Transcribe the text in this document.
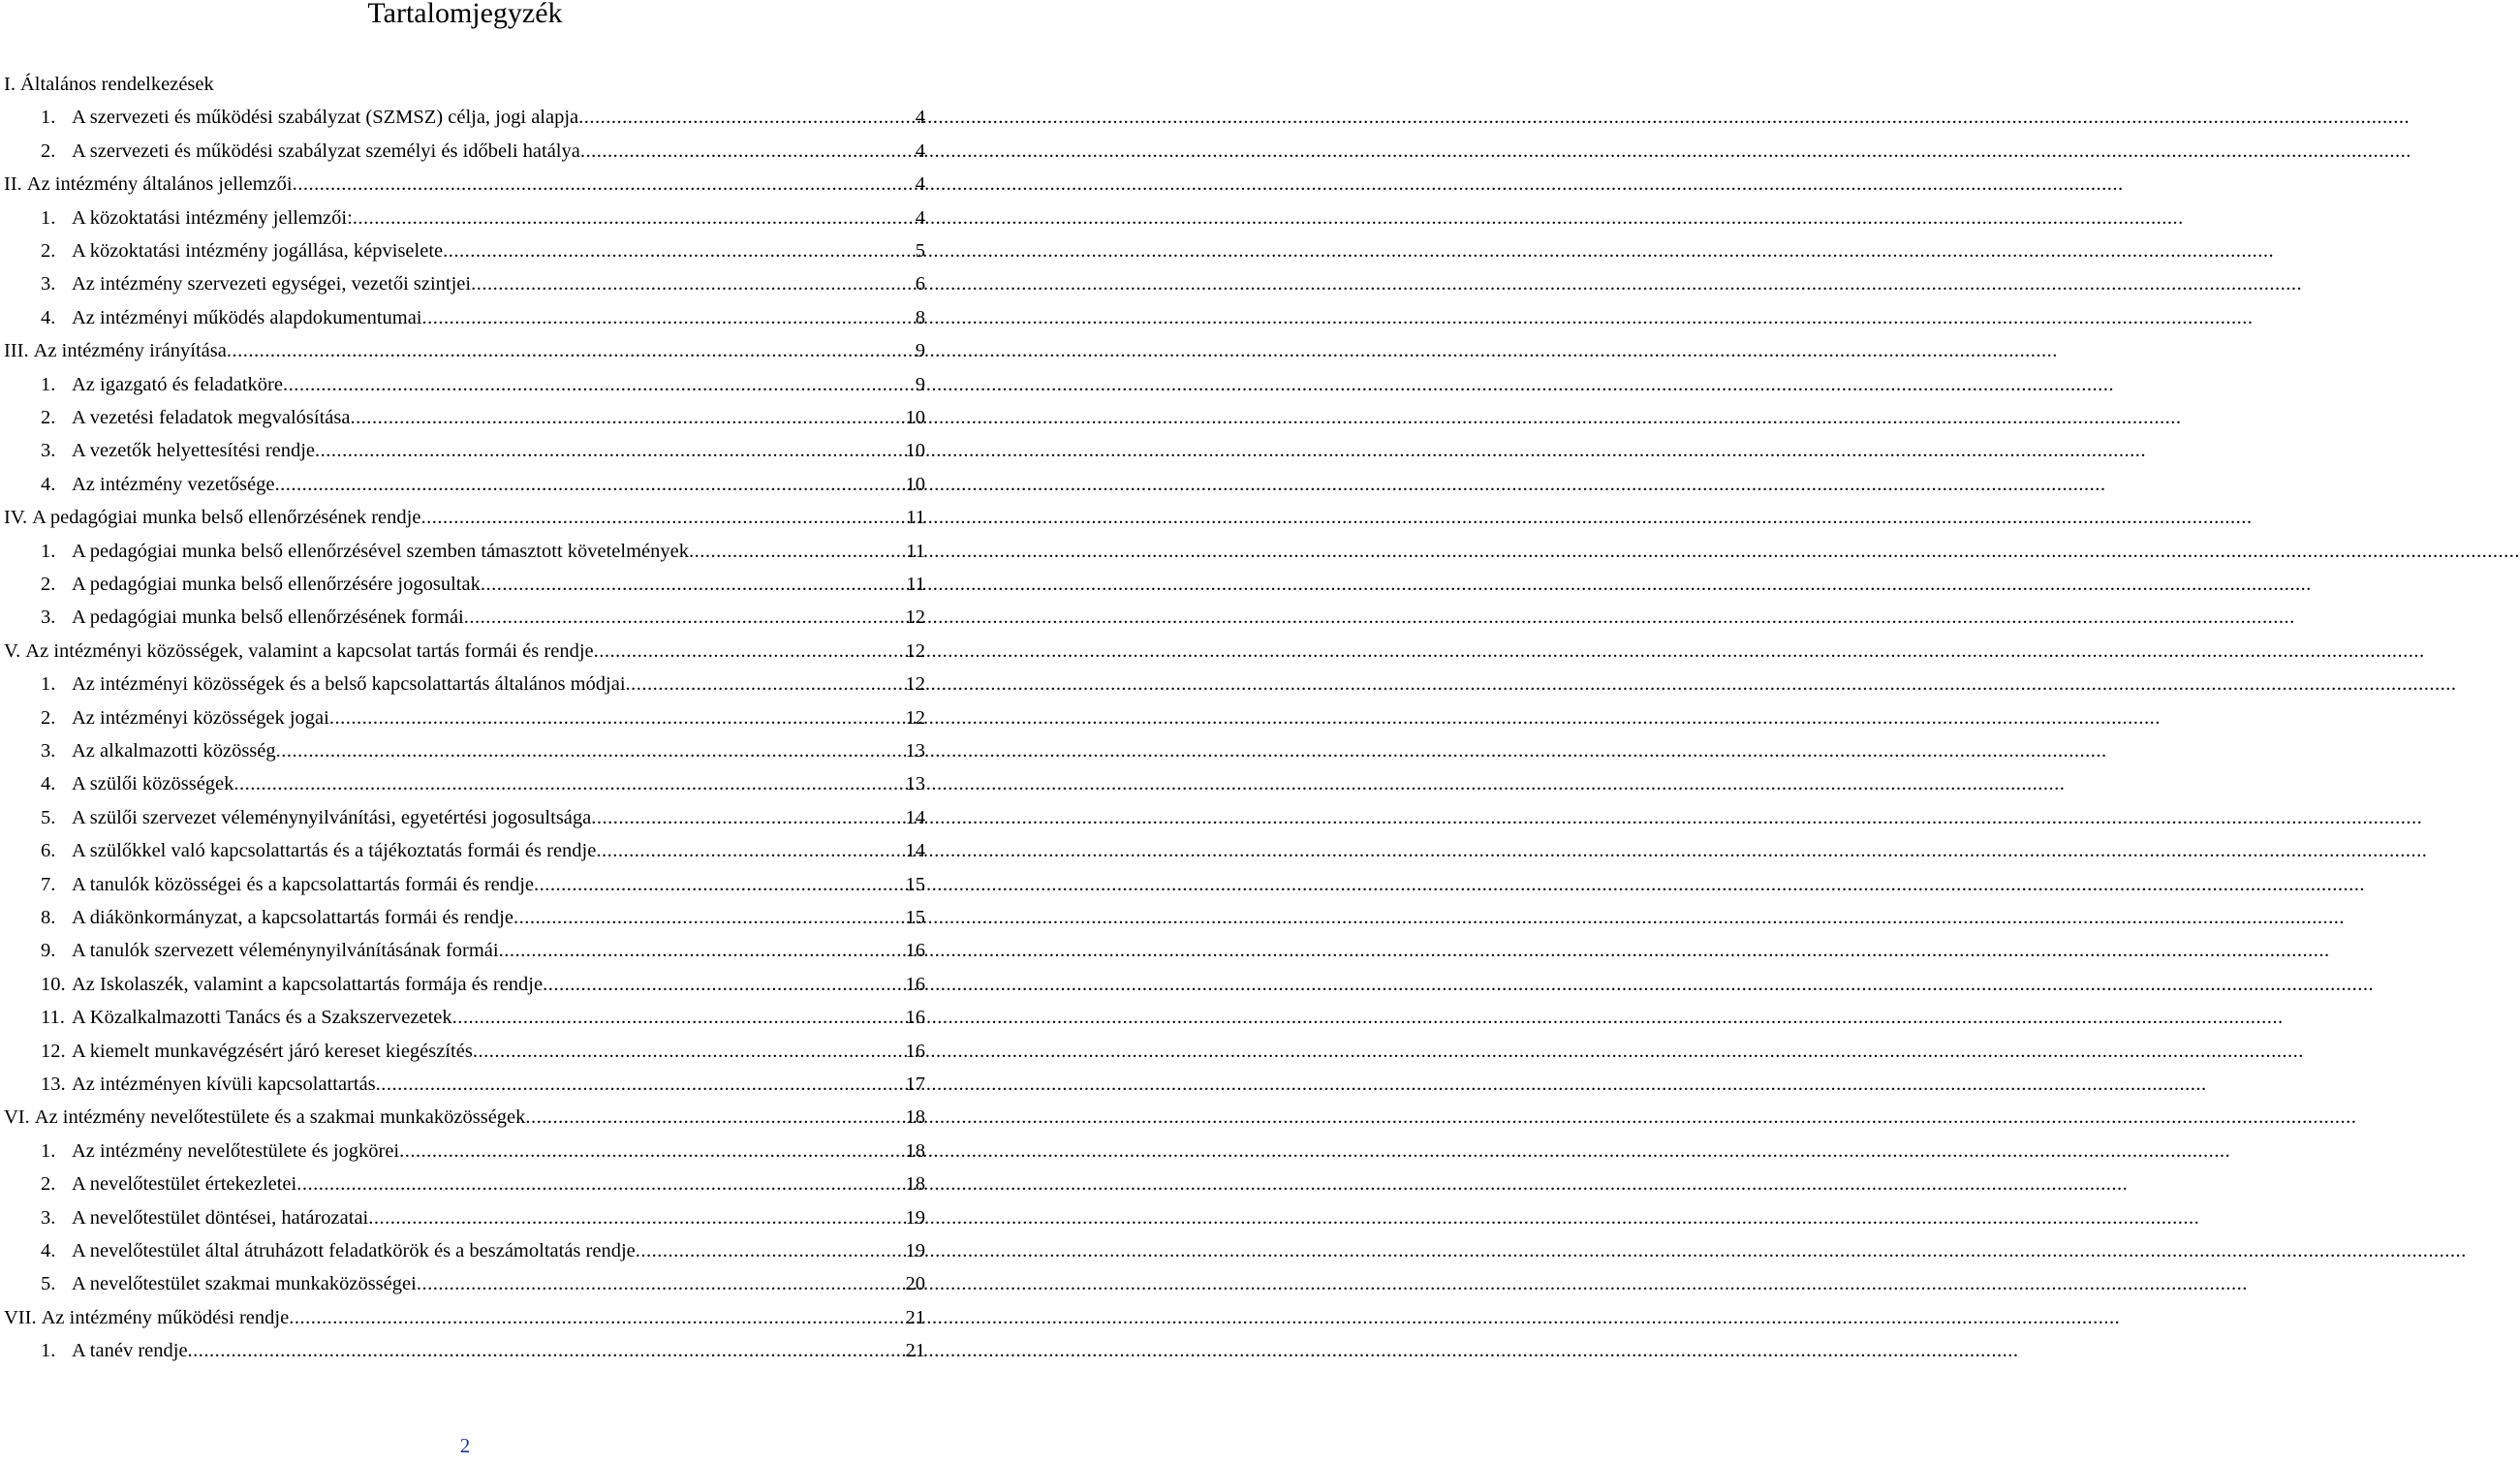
Tartalomjegyzék
I. Általános rendelkezések
1. A szervezeti és működési szabályzat (SZMSZ) célja, jogi alapja .....	4
2. A szervezeti és működési szabályzat személyi és időbeli hatálya .....	4
II. Az intézmény általános jellemzői .....	4
1. A közoktatási intézmény jellemzői: .....	4
2. A közoktatási intézmény jogállása, képviselete .....	5
3. Az intézmény szervezeti egységei, vezetői szintjei .....	6
4. Az intézményi működés alapdokumentumai .....	8
III. Az intézmény irányítása .....	9
1. Az igazgató és feladatköre .....	9
2. A vezetési feladatok megvalósítása .....	10
3. A vezetők helyettesítési rendje .....	10
4. Az intézmény vezetősége .....	10
IV. A pedagógiai munka belső ellenőrzésének rendje .....	11
1. A pedagógiai munka belső ellenőrzésével szemben támasztott követelmények .....	11
2. A pedagógiai munka belső ellenőrzésére jogosultak .....	11
3. A pedagógiai munka belső ellenőrzésének formái .....	12
V. Az intézményi közösségek, valamint a kapcsolat tartás formái és rendje .....	12
1. Az intézményi közösségek és a belső kapcsolattartás általános módjai .....	12
2. Az intézményi közösségek jogai .....	12
3. Az alkalmazotti közösség .....	13
4. A szülői közösségek .....	13
5. A szülői szervezet véleménynyilvánítási, egyetértési jogosultsága .....	14
6. A szülőkkel való kapcsolattartás és a tájékoztatás formái és rendje .....	14
7. A tanulók közösségei és a kapcsolattartás formái és rendje .....	15
8. A diákönkormányzat, a kapcsolattartás formái és rendje .....	15
9. A tanulók szervezett véleménynyilvánításának formái .....	16
10. Az Iskolaszék, valamint a kapcsolattartás formája és rendje .....	16
11. A Közalkalmazotti Tanács és a Szakszervezetek .....	16
12. A kiemelt munkavégzésért járó kereset kiegészítés .....	16
13. Az intézményen kívüli kapcsolattartás .....	17
VI. Az intézmény nevelőtestülete és a szakmai munkaközösségek .....	18
1. Az intézmény nevelőtestülete és jogkörei .....	18
2. A nevelőtestület értekezletei .....	18
3. A nevelőtestület döntései, határozatai .....	19
4. A nevelőtestület által átruházott feladatkörök és a beszámoltatás rendje .....	19
5. A nevelőtestület szakmai munkaközösségei .....	20
VII. Az intézmény működési rendje .....	21
1. A tanév rendje .....	21
2
